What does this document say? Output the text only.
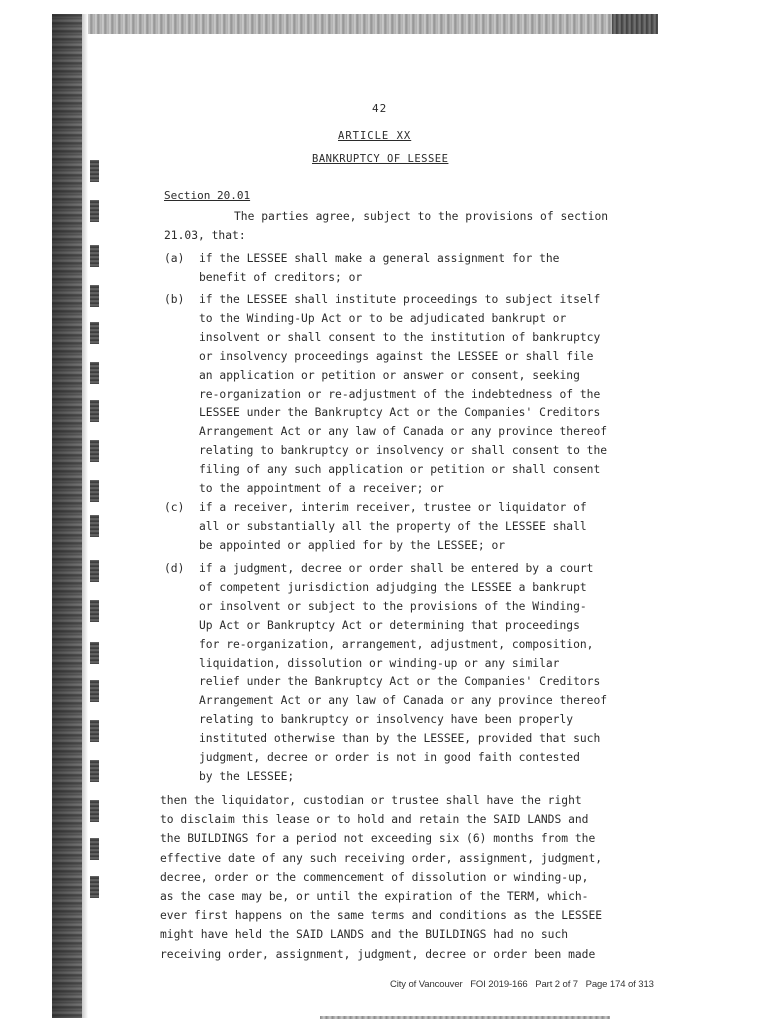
42
ARTICLE XX
BANKRUPTCY OF LESSEE
Section 20.01
The parties agree, subject to the provisions of section
21.03, that:
(a) if the LESSEE shall make a general assignment for the
benefit of creditors; or
(b) if the LESSEE shall institute proceedings to subject itself
to the Winding-Up Act or to be adjudicated bankrupt or
insolvent or shall consent to the institution of bankruptcy
or insolvency proceedings against the LESSEE or shall file
an application or petition or answer or consent, seeking
re-organization or re-adjustment of the indebtedness of the
LESSEE under the Bankruptcy Act or the Companies' Creditors
Arrangement Act or any law of Canada or any province thereof
relating to bankruptcy or insolvency or shall consent to the
filing of any such application or petition or shall consent
to the appointment of a receiver; or
(c) if a receiver, interim receiver, trustee or liquidator of
all or substantially all the property of the LESSEE shall
be appointed or applied for by the LESSEE; or
(d) if a judgment, decree or order shall be entered by a court
of competent jurisdiction adjudging the LESSEE a bankrupt
or insolvent or subject to the provisions of the Winding-
Up Act or Bankruptcy Act or determining that proceedings
for re-organization, arrangement, adjustment, composition,
liquidation, dissolution or winding-up or any similar
relief under the Bankruptcy Act or the Companies' Creditors
Arrangement Act or any law of Canada or any province thereof
relating to bankruptcy or insolvency have been properly
instituted otherwise than by the LESSEE, provided that such
judgment, decree or order is not in good faith contested
by the LESSEE;
then the liquidator, custodian or trustee shall have the right
to disclaim this lease or to hold and retain the SAID LANDS and
the BUILDINGS for a period not exceeding six (6) months from the
effective date of any such receiving order, assignment, judgment,
decree, order or the commencement of dissolution or winding-up,
as the case may be, or until the expiration of the TERM, which-
ever first happens on the same terms and conditions as the LESSEE
might have held the SAID LANDS and the BUILDINGS had no such
receiving order, assignment, judgment, decree or order been made
City of Vancouver   FOI 2019-166   Part 2 of 7   Page 174 of 313
